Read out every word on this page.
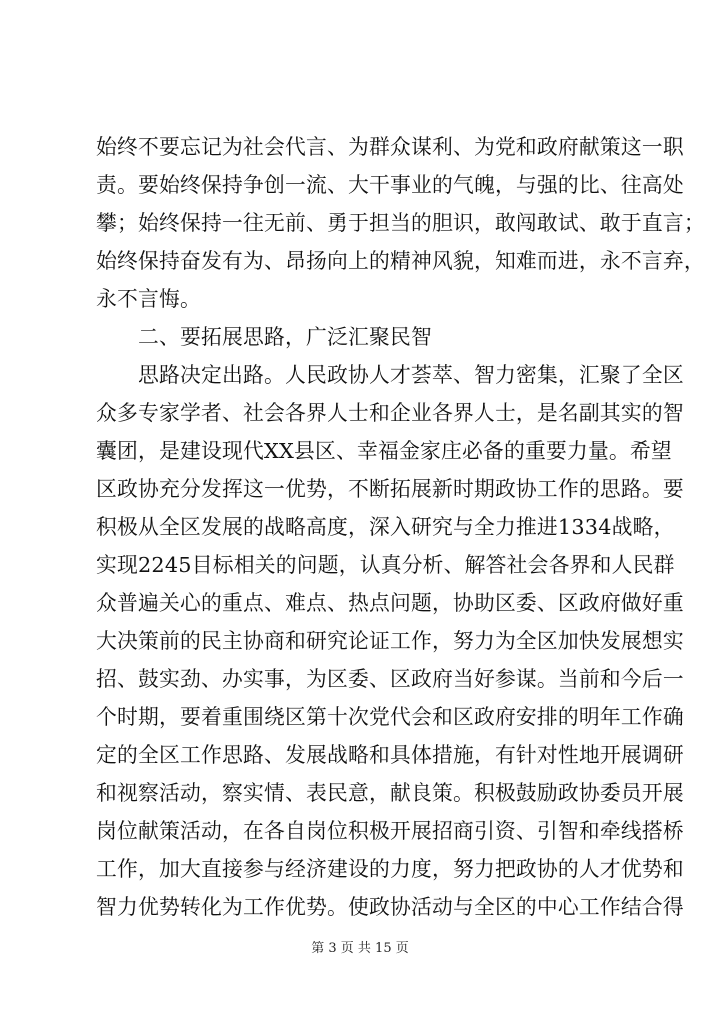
始终不要忘记为社会代言、为群众谋利、为党和政府献策这一职
责。要始终保持争创一流、大干事业的气魄，与强的比、往高处
攀；始终保持一往无前、勇于担当的胆识，敢闯敢试、敢于直言；
始终保持奋发有为、昂扬向上的精神风貌，知难而进，永不言弃，
永不言悔。
二、要拓展思路，广泛汇聚民智
思路决定出路。人民政协人才荟萃、智力密集，汇聚了全区
众多专家学者、社会各界人士和企业各界人士，是名副其实的智
囊团，是建设现代XX县区、幸福金家庄必备的重要力量。希望
区政协充分发挥这一优势，不断拓展新时期政协工作的思路。要
积极从全区发展的战略高度，深入研究与全力推进1334战略，
实现2245目标相关的问题，认真分析、解答社会各界和人民群
众普遍关心的重点、难点、热点问题，协助区委、区政府做好重
大决策前的民主协商和研究论证工作，努力为全区加快发展想实
招、鼓实劲、办实事，为区委、区政府当好参谋。当前和今后一
个时期，要着重围绕区第十次党代会和区政府安排的明年工作确
定的全区工作思路、发展战略和具体措施，有针对性地开展调研
和视察活动，察实情、表民意，献良策。积极鼓励政协委员开展
岗位献策活动，在各自岗位积极开展招商引资、引智和牵线搭桥
工作，加大直接参与经济建设的力度，努力把政协的人才优势和
智力优势转化为工作优势。使政协活动与全区的中心工作结合得
第 3 页 共 15 页
